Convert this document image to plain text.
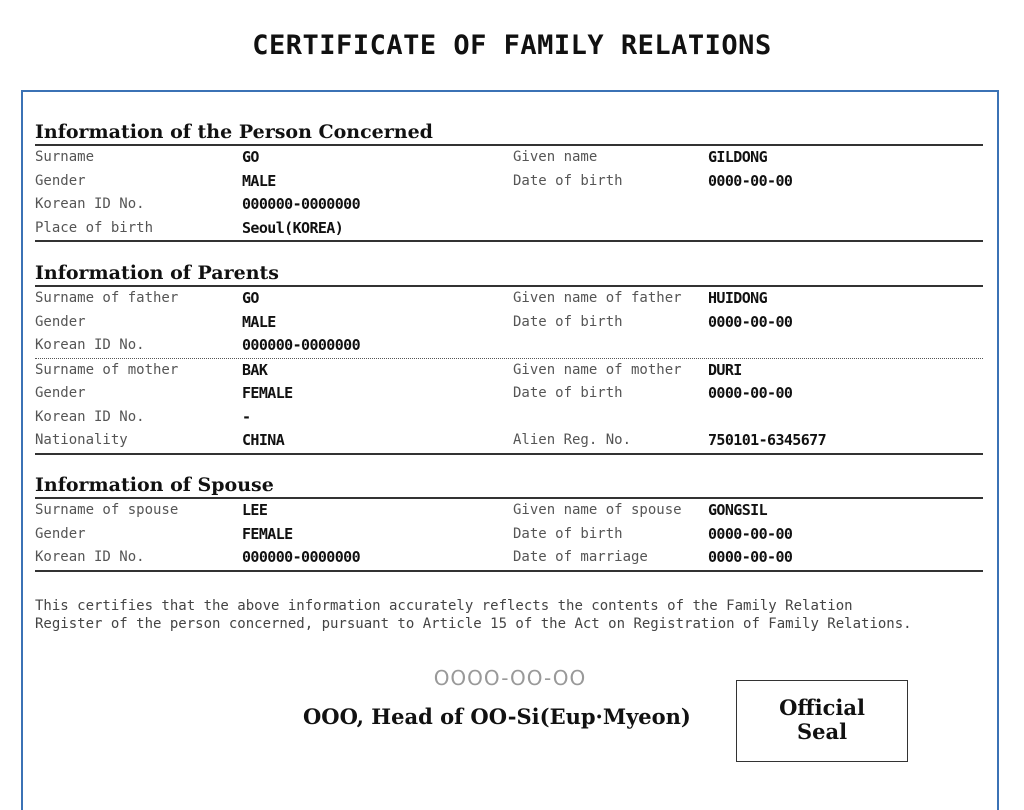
CERTIFICATE OF FAMILY RELATIONS
Information of the Person Concerned
Surname	GO	Given name	GILDONG
Gender	MALE	Date of birth	0000-00-00
Korean ID No.	000000-0000000
Place of birth	Seoul(KOREA)
Information of Parents
Surname of father	GO	Given name of father HUIDONG
Gender	MALE	Date of birth	0000-00-00
Korean ID No.	000000-0000000
Surname of mother	BAK	Given name of mother DURI
Gender	FEMALE	Date of birth	0000-00-00
Korean ID No.	-
Nationality	CHINA	Alien Reg. No.	750101-6345677
Information of Spouse
Surname of spouse	LEE	Given name of spouse GONGSIL
Gender	FEMALE	Date of birth	0000-00-00
Korean ID No.	000000-0000000	Date of marriage	0000-00-00
This certifies that the above information accurately reflects the contents of the Family Relation
Register of the person concerned, pursuant to Article 15 of the Act on Registration of Family Relations.
OOOO-OO-OO
OOO, Head of OO-Si(Eup·Myeon)	Official
Seal
